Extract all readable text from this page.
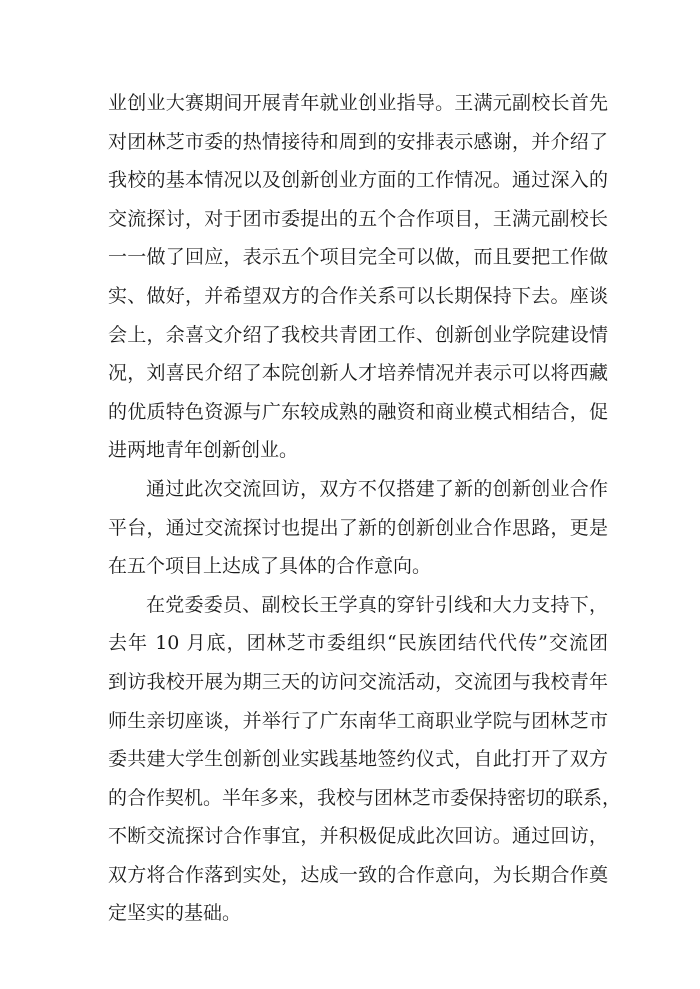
业创业大赛期间开展青年就业创业指导。王满元副校长首先
对团林芝市委的热情接待和周到的安排表示感谢，并介绍了
我校的基本情况以及创新创业方面的工作情况。通过深入的
交流探讨，对于团市委提出的五个合作项目，王满元副校长
一一做了回应，表示五个项目完全可以做，而且要把工作做
实、做好，并希望双方的合作关系可以长期保持下去。座谈
会上，余喜文介绍了我校共青团工作、创新创业学院建设情
况，刘喜民介绍了本院创新人才培养情况并表示可以将西藏
的优质特色资源与广东较成熟的融资和商业模式相结合，促
进两地青年创新创业。
通过此次交流回访，双方不仅搭建了新的创新创业合作
平台，通过交流探讨也提出了新的创新创业合作思路，更是
在五个项目上达成了具体的合作意向。
在党委委员、副校长王学真的穿针引线和大力支持下，
去年 10 月底，团林芝市委组织“民族团结代代传”交流团
到访我校开展为期三天的访问交流活动，交流团与我校青年
师生亲切座谈，并举行了广东南华工商职业学院与团林芝市
委共建大学生创新创业实践基地签约仪式，自此打开了双方
的合作契机。半年多来，我校与团林芝市委保持密切的联系，
不断交流探讨合作事宜，并积极促成此次回访。通过回访，
双方将合作落到实处，达成一致的合作意向，为长期合作奠
定坚实的基础。
